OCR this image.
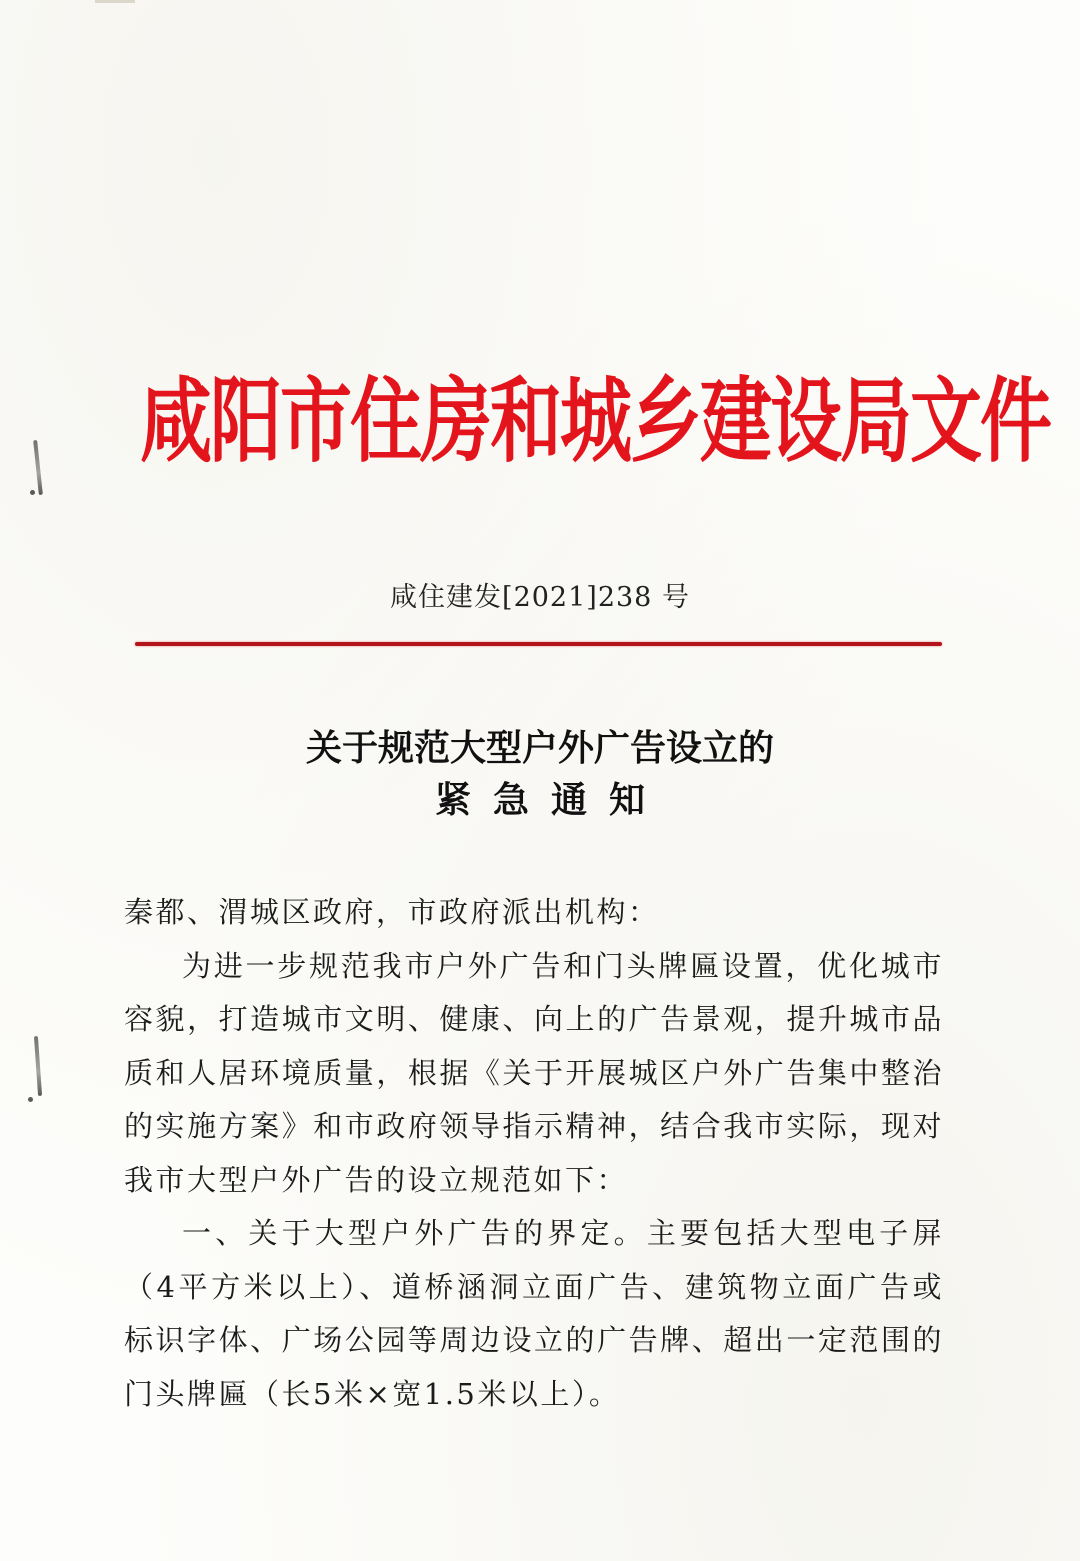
咸阳市住房和城乡建设局文件
咸住建发[2021]238 号
关于规范大型户外广告设立的
紧急通知

秦都、渭城区政府，市政府派出机构：

为进一步规范我市户外广告和门头牌匾设置，优化城市容貌，打造城市文明、健康、向上的广告景观，提升城市品质和人居环境质量，根据《关于开展城区户外广告集中整治的实施方案》和市政府领导指示精神，结合我市实际，现对我市大型户外广告的设立规范如下：

一、关于大型户外广告的界定。主要包括大型电子屏（4平方米以上）、道桥涵洞立面广告、建筑物立面广告或标识字体、广场公园等周边设立的广告牌、超出一定范围的门头牌匾（长5米×宽1.5米以上）。
